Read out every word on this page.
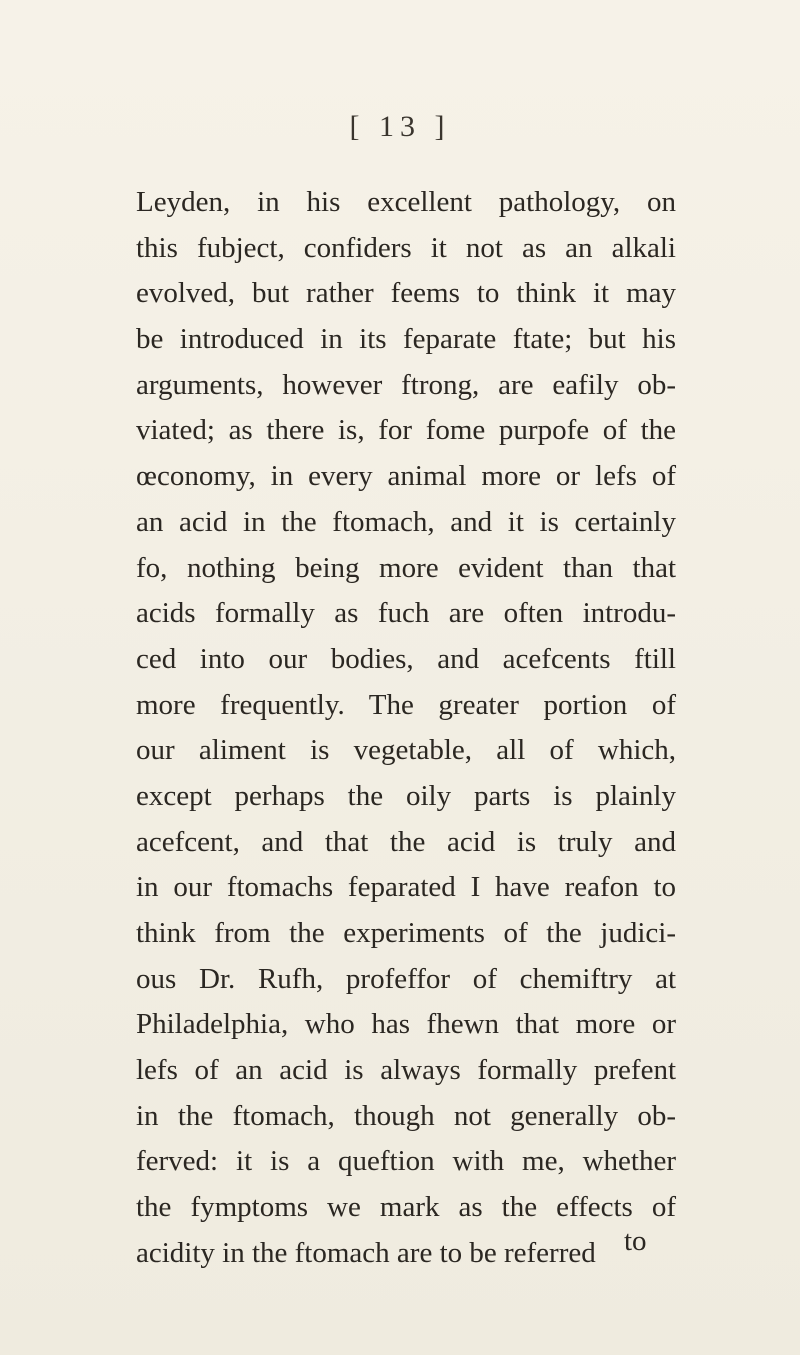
[ 13 ]
Leyden, in his excellent pathology, on
this fubject, confiders it not as an alkali
evolved, but rather feems to think it may
be introduced in its feparate ftate; but his
arguments, however ftrong, are eafily ob-
viated; as there is, for fome purpofe of the
œconomy, in every animal more or lefs of
an acid in the ftomach, and it is certainly
fo, nothing being more evident than that
acids formally as fuch are often introdu-
ced into our bodies, and acefcents ftill
more frequently. The greater portion of
our aliment is vegetable, all of which,
except perhaps the oily parts is plainly
acefcent, and that the acid is truly and
in our ftomachs feparated I have reafon to
think from the experiments of the judici-
ous Dr. Rufh, profeffor of chemiftry at
Philadelphia, who has fhewn that more or
lefs of an acid is always formally prefent
in the ftomach, though not generally ob-
ferved: it is a queftion with me, whether
the fymptoms we mark as the effects of
acidity in the ftomach are to be referred to
